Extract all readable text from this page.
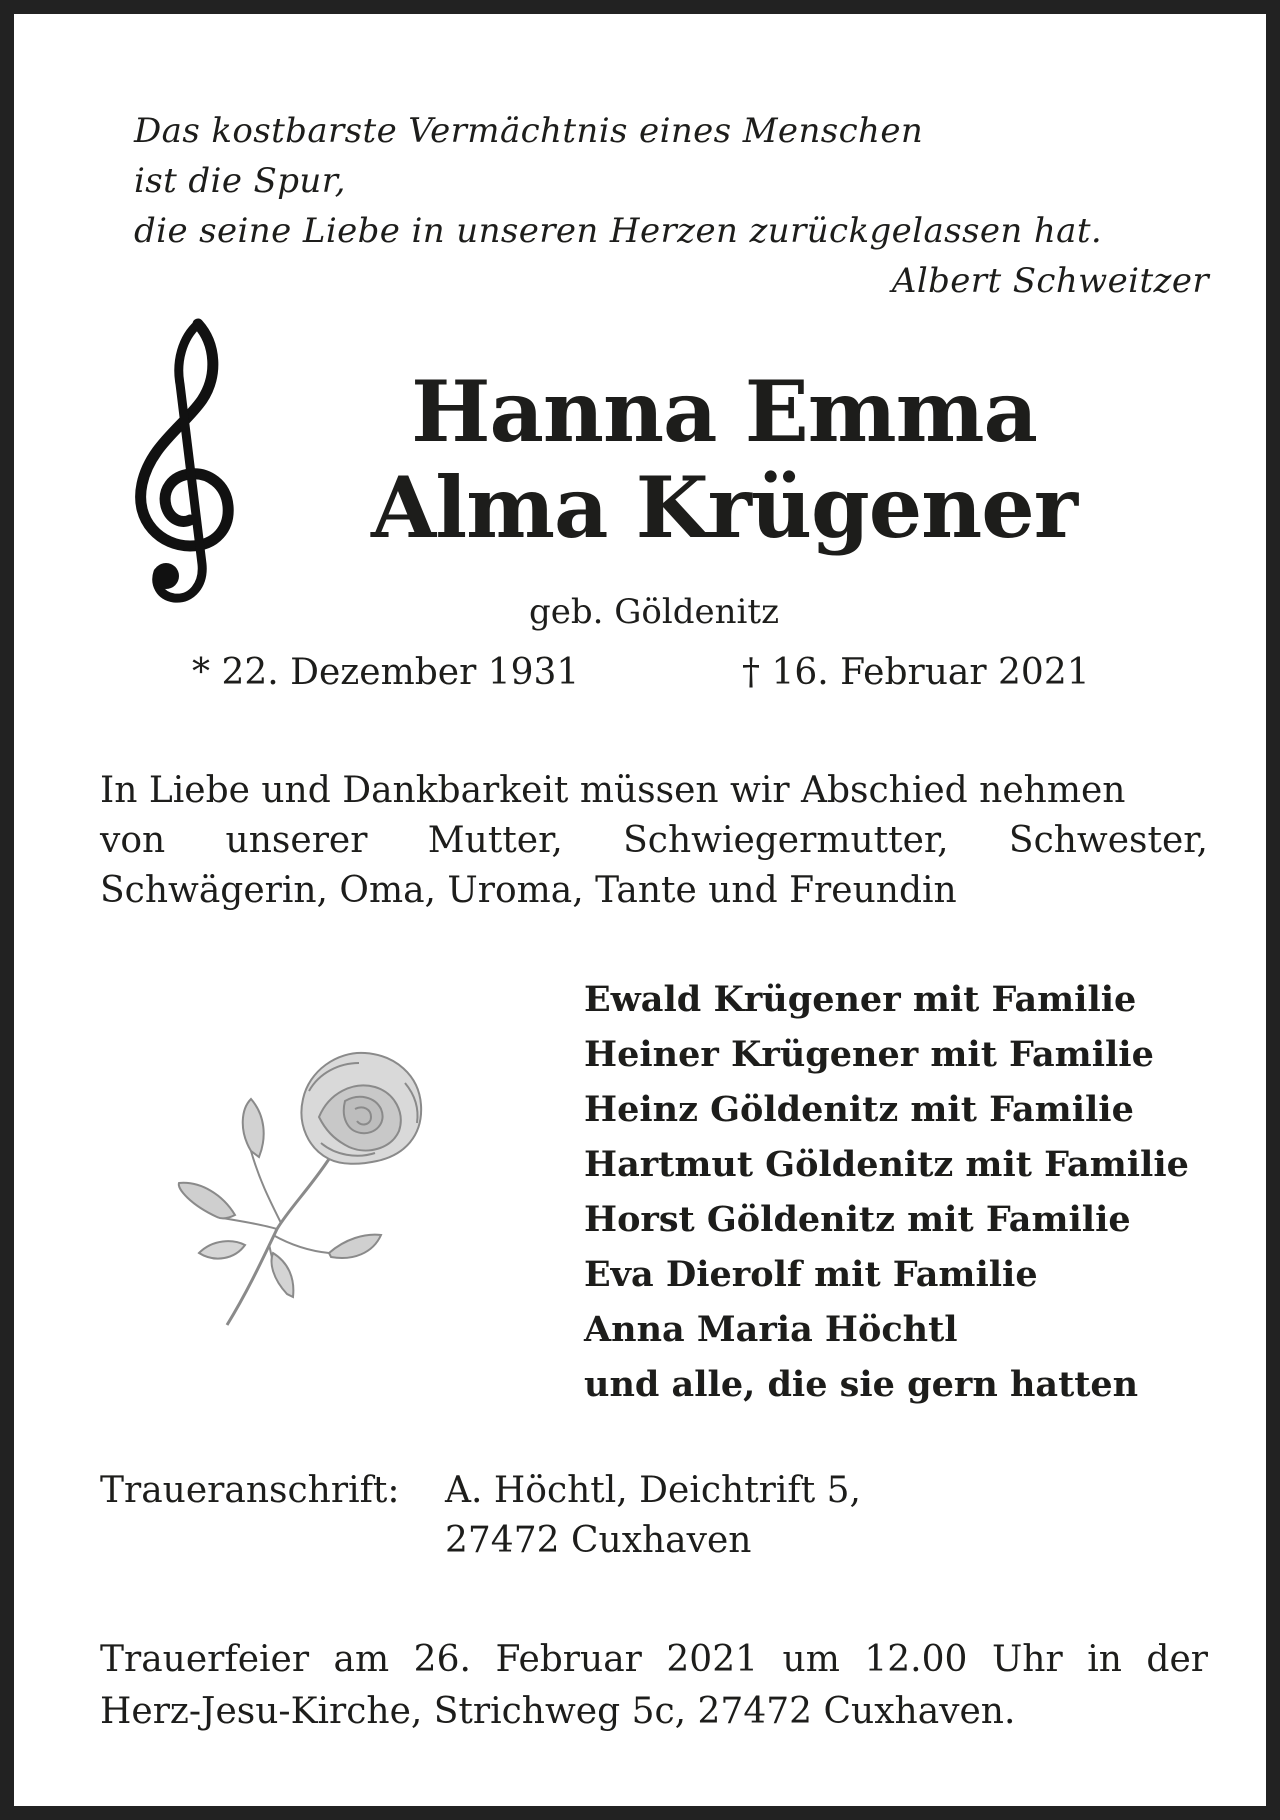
Das kostbarste Vermächtnis eines Menschen
ist die Spur,
die seine Liebe in unseren Herzen zurückgelassen hat.
Albert Schweitzer
Hanna Emma
Alma Krügener
geb. Göldenitz
* 22. Dezember 1931	† 16. Februar 2021
In Liebe und Dankbarkeit müssen wir Abschied nehmen
von unserer Mutter, Schwiegermutter, Schwester,
Schwägerin, Oma, Uroma, Tante und Freundin
Ewald Krügener mit Familie
Heiner Krügener mit Familie
Heinz Göldenitz mit Familie
Hartmut Göldenitz mit Familie
Horst Göldenitz mit Familie
Eva Dierolf mit Familie
Anna Maria Höchtl
und alle, die sie gern hatten
Traueranschrift:	A. Höchtl, Deichtrift 5,
27472 Cuxhaven
Trauerfeier am 26. Februar 2021 um 12.00 Uhr in der
Herz-Jesu-Kirche, Strichweg 5c, 27472 Cuxhaven.
